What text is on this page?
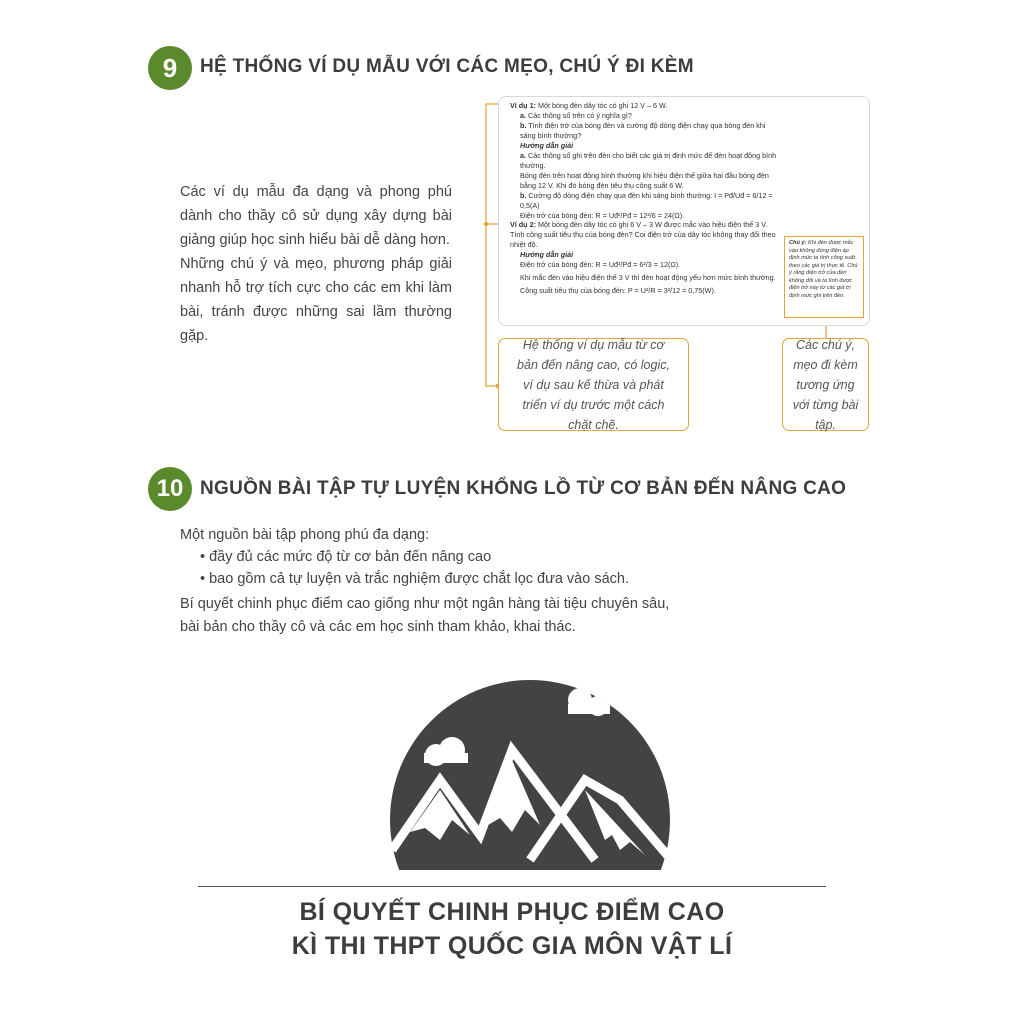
9	HỆ THỐNG VÍ DỤ MẪU VỚI CÁC MẸO, CHÚ Ý ĐI KÈM

Các ví dụ mẫu đa dạng và phong phú dành cho thầy cô sử dụng xây dựng bài giảng giúp học sinh hiểu bài dễ dàng hơn.

Những chú ý và mẹo, phương pháp giải nhanh hỗ trợ tích cực cho các em khi làm bài, tránh được những sai lầm thường gặp.

Ví dụ 1: Một bóng đèn dây tóc có ghi 12 V – 6 W.
a. Các thông số trên có ý nghĩa gì?
b. Tính điện trở của bóng đèn và cường độ dòng điện chạy qua bóng đèn khi sáng bình thường?
Hướng dẫn giải
a. Các thông số ghi trên đèn cho biết các giá trị định mức để đèn hoạt động bình thường.
Bóng đèn trên hoạt động bình thường khi hiệu điện thế giữa hai đầu bóng đèn bằng 12 V. Khi đó bóng đèn tiêu thụ công suất 6 W.
b. Cường độ dòng điện chạy qua đèn khi sáng bình thường: I = Pđ/Uđ = 6/12 = 0,5(A)
Điện trở của bóng đèn: R = Uđ²/Pđ = 12²/6 = 24(Ω).
Ví dụ 2: Một bóng đèn dây tóc có ghi 6 V – 3 W được mắc vào hiệu điện thế 3 V. Tính công suất tiêu thụ của bóng đèn? Coi điện trở của dây tóc không thay đổi theo nhiệt độ.
Hướng dẫn giải
Điện trở của bóng đèn: R = Uđ²/Pđ = 6²/3 = 12(Ω).
Khi mắc đèn vào hiệu điện thế 3 V thì đèn hoạt động yếu hơn mức bình thường.
Công suất tiêu thụ của bóng đèn: P = U²/R = 3²/12 = 0,75(W).
Chú ý: Khi đèn được mắc vào không đúng điện áp định mức ta tính công suất theo các giá trị thực tế. Chú ý rằng điện trở của đèn không đổi và ta tính được điện trở này từ các giá trị định mức ghi trên đèn.
Hệ thống ví dụ mẫu từ cơ bản đến nâng cao, có logic, ví dụ sau kế thừa và phát triển ví dụ trước một cách chặt chẽ.
Các chú ý, mẹo đi kèm tương ứng với từng bài tập.
10 NGUỒN BÀI TẬP TỰ LUYỆN KHỔNG LỒ TỪ CƠ BẢN ĐẾN NÂNG CAO
Một nguồn bài tập phong phú đa dạng:
• đầy đủ các mức độ từ cơ bản đến nâng cao
• bao gồm cả tự luyện và trắc nghiệm được chắt lọc đưa vào sách.
Bí quyết chinh phục điểm cao giống như một ngân hàng tài tiệu chuyên sâu,
bài bản cho thầy cô và các em học sinh tham khảo, khai thác.
BÍ QUYẾT CHINH PHỤC ĐIỂM CAO
KÌ THI THPT QUỐC GIA MÔN VẬT LÍ
